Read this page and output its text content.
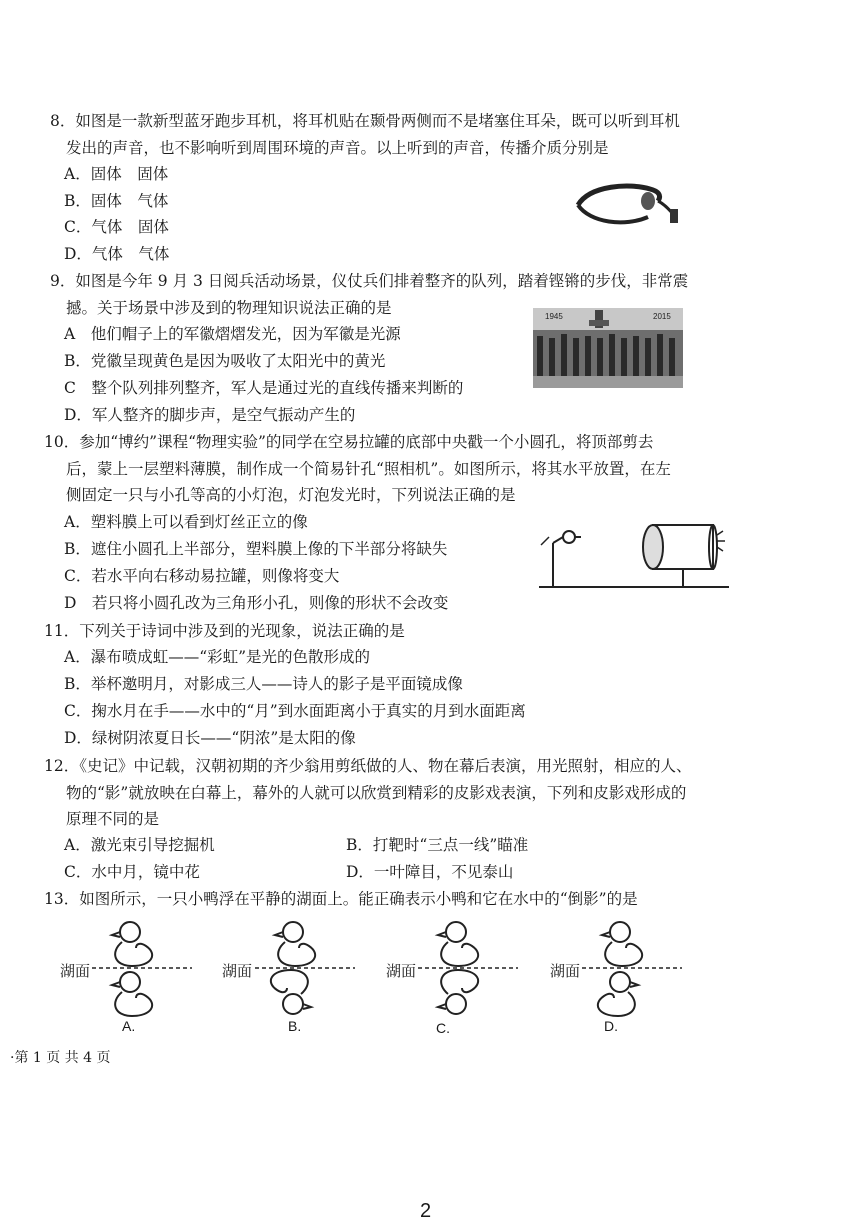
8．如图是一款新型蓝牙跑步耳机，将耳机贴在颞骨两侧而不是堵塞住耳朵，既可以听到耳机
发出的声音，也不影响听到周围环境的声音。以上听到的声音，传播介质分别是
A．固体　固体
B．固体　气体
C．气体　固体
D．气体　气体
9．如图是今年 9 月 3 日阅兵活动场景，仪仗兵们排着整齐的队列，踏着铿锵的步伐，非常震
撼。关于场景中涉及到的物理知识说法正确的是
A　他们帽子上的军徽熠熠发光，因为军徽是光源
B．党徽呈现黄色是因为吸收了太阳光中的黄光
C　整个队列排列整齐，军人是通过光的直线传播来判断的
D．军人整齐的脚步声，是空气振动产生的
1945	2015
10．参加“博约”课程“物理实验”的同学在空易拉罐的底部中央戳一个小圆孔，将顶部剪去
后，蒙上一层塑料薄膜，制作成一个简易针孔“照相机”。如图所示，将其水平放置，在左
侧固定一只与小孔等高的小灯泡，灯泡发光时，下列说法正确的是
A．塑料膜上可以看到灯丝正立的像
B．遮住小圆孔上半部分，塑料膜上像的下半部分将缺失
C．若水平向右移动易拉罐，则像将变大
D　若只将小圆孔改为三角形小孔，则像的形状不会改变
11．下列关于诗词中涉及到的光现象，说法正确的是
A．瀑布喷成虹——“彩虹”是光的色散形成的
B．举杯邀明月，对影成三人——诗人的影子是平面镜成像
C．掬水月在手——水中的“月”到水面距离小于真实的月到水面距离
D．绿树阴浓夏日长——“阴浓”是太阳的像
12．《史记》中记载，汉朝初期的齐少翁用剪纸做的人、物在幕后表演，用光照射，相应的人、
物的“影”就放映在白幕上，幕外的人就可以欣赏到精彩的皮影戏表演，下列和皮影戏形成的
原理不同的是
A．激光束引导挖掘机	B．打靶时“三点一线”瞄准
C．水中月，镜中花	D．一叶障目，不见泰山
13．如图所示，一只小鸭浮在平静的湖面上。能正确表示小鸭和它在水中的“倒影”的是
湖面	湖面	湖面	湖面
A.	B.	C.	D.
·第 1 页 共 4 页
2
